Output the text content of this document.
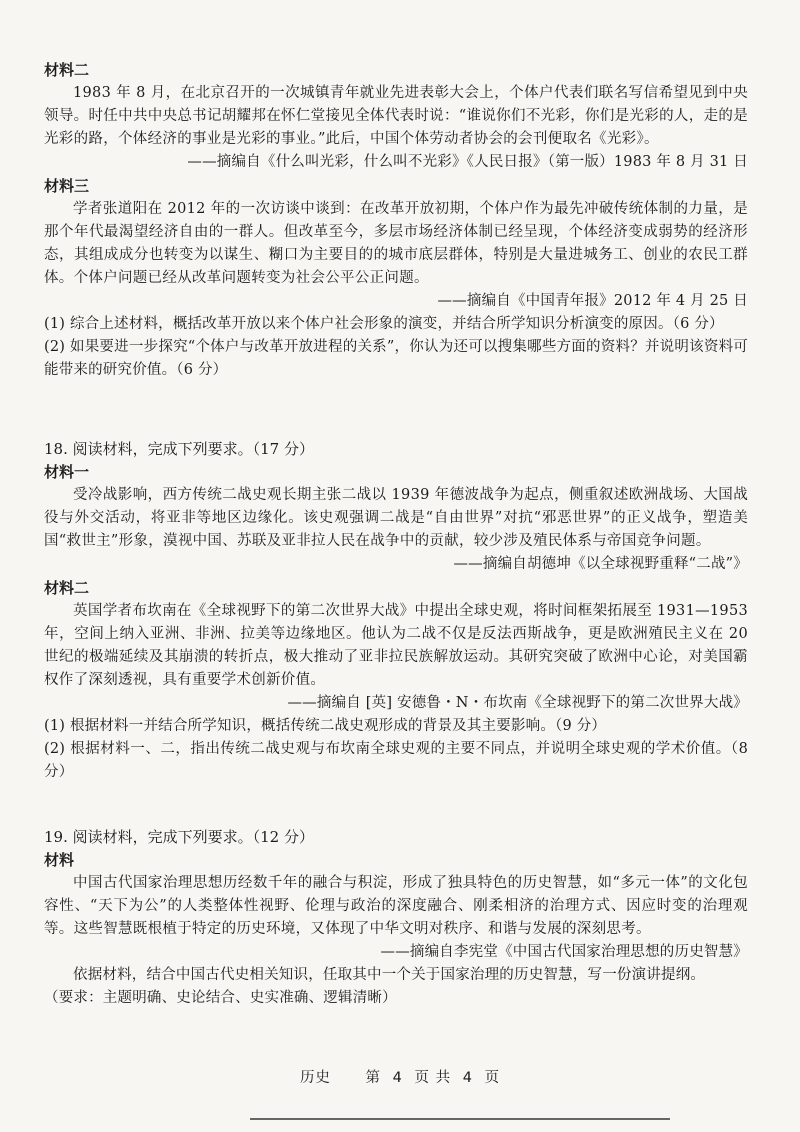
材料二

1983 年 8 月，在北京召开的一次城镇青年就业先进表彰大会上，个体户代表们联名写信希望见到中央领导。时任中共中央总书记胡耀邦在怀仁堂接见全体代表时说：“谁说你们不光彩，你们是光彩的人，走的是光彩的路，个体经济的事业是光彩的事业。”此后，中国个体劳动者协会的会刊便取名《光彩》。

——摘编自《什么叫光彩，什么叫不光彩》《人民日报》（第一版）1983 年 8 月 31 日

材料三

学者张道阳在 2012 年的一次访谈中谈到：在改革开放初期，个体户作为最先冲破传统体制的力量，是那个年代最渴望经济自由的一群人。但改革至今，多层市场经济体制已经呈现，个体经济变成弱势的经济形态，其组成成分也转变为以谋生、糊口为主要目的的城市底层群体，特别是大量进城务工、创业的农民工群体。个体户问题已经从改革问题转变为社会公平公正问题。

——摘编自《中国青年报》2012 年 4 月 25 日

(1) 综合上述材料，概括改革开放以来个体户社会形象的演变，并结合所学知识分析演变的原因。（6 分）

(2) 如果要进一步探究“个体户与改革开放进程的关系”，你认为还可以搜集哪些方面的资料？并说明该资料可能带来的研究价值。（6 分）

18. 阅读材料，完成下列要求。（17 分）

材料一

受冷战影响，西方传统二战史观长期主张二战以 1939 年德波战争为起点，侧重叙述欧洲战场、大国战役与外交活动，将亚非等地区边缘化。该史观强调二战是“自由世界”对抗“邪恶世界”的正义战争，塑造美国“救世主”形象，漠视中国、苏联及亚非拉人民在战争中的贡献，较少涉及殖民体系与帝国竞争问题。

——摘编自胡德坤《以全球视野重释“二战”》

材料二

英国学者布坎南在《全球视野下的第二次世界大战》中提出全球史观，将时间框架拓展至 1931—1953 年，空间上纳入亚洲、非洲、拉美等边缘地区。他认为二战不仅是反法西斯战争，更是欧洲殖民主义在 20 世纪的极端延续及其崩溃的转折点，极大推动了亚非拉民族解放运动。其研究突破了欧洲中心论，对美国霸权作了深刻透视，具有重要学术创新价值。

——摘编自 [英] 安德鲁・N・布坎南《全球视野下的第二次世界大战》

(1) 根据材料一并结合所学知识，概括传统二战史观形成的背景及其主要影响。（9 分）

(2) 根据材料一、二，指出传统二战史观与布坎南全球史观的主要不同点，并说明全球史观的学术价值。（8 分）

19. 阅读材料，完成下列要求。（12 分）

材料

中国古代国家治理思想历经数千年的融合与积淀，形成了独具特色的历史智慧，如“多元一体”的文化包容性、“天下为公”的人类整体性视野、伦理与政治的深度融合、刚柔相济的治理方式、因应时变的治理观等。这些智慧既根植于特定的历史环境，又体现了中华文明对秩序、和谐与发展的深刻思考。

——摘编自李宪堂《中国古代国家治理思想的历史智慧》

依据材料，结合中国古代史相关知识，任取其中一个关于国家治理的历史智慧，写一份演讲提纲。

（要求：主题明确、史论结合、史实准确、逻辑清晰）

历史 第 4 页 共 4 页
